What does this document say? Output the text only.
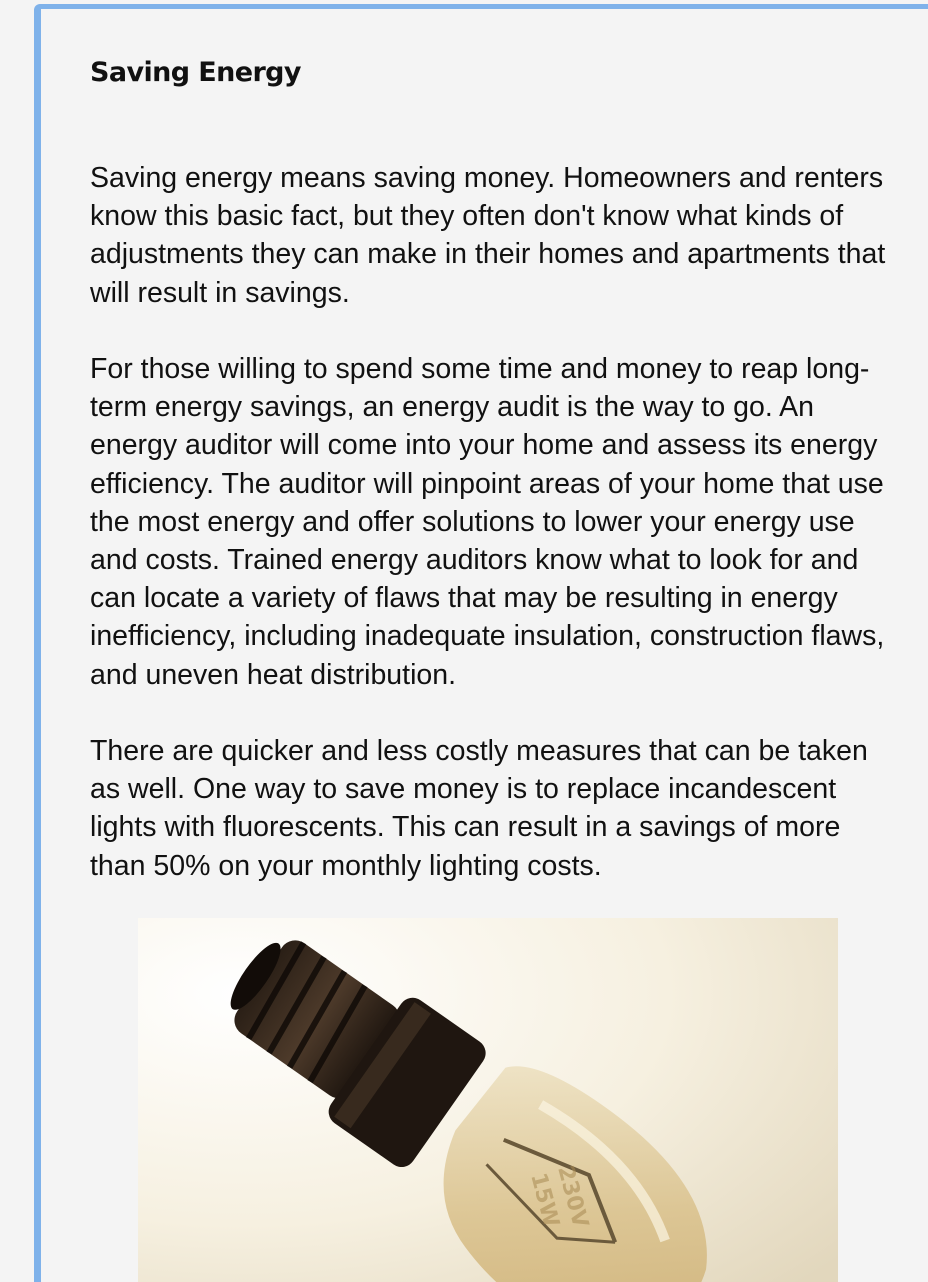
Saving Energy

Saving energy means saving money. Homeowners and renters know this basic fact, but they often don't know what kinds of adjustments they can make in their homes and apartments that will result in savings.

For those willing to spend some time and money to reap long-term energy savings, an energy audit is the way to go. An energy auditor will come into your home and assess its energy efficiency. The auditor will pinpoint areas of your home that use the most energy and offer solutions to lower your energy use and costs. Trained energy auditors know what to look for and can locate a variety of flaws that may be resulting in energy inefficiency, including inadequate insulation, construction flaws, and uneven heat distribution.

There are quicker and less costly measures that can be taken as well. One way to save money is to replace incandescent lights with fluorescents. This can result in a savings of more than 50% on your monthly lighting costs.

230V
15W
